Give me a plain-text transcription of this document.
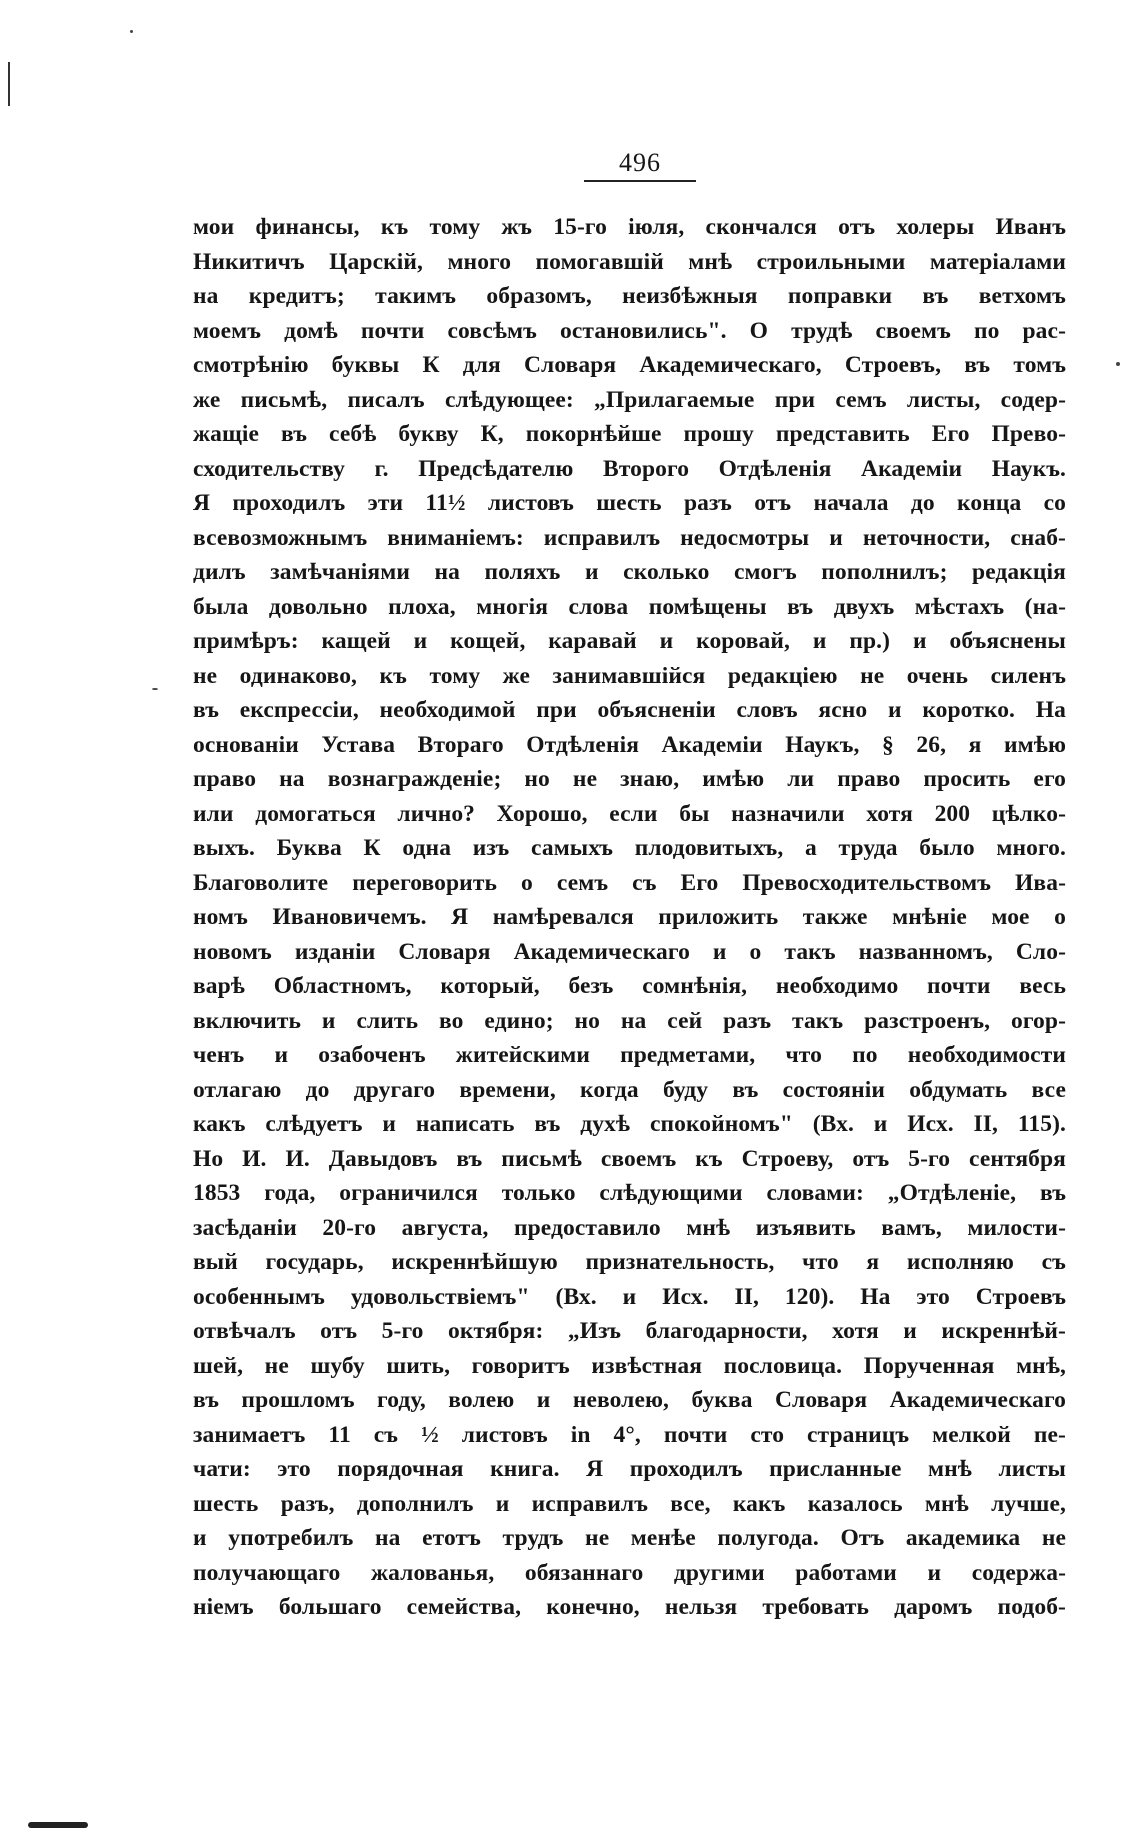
496
мои финансы, къ тому жъ 15-го іюля, скончался отъ холеры Иванъ
Никитичъ Царскій, много помогавшій мнѣ строильными матеріалами
на кредитъ; такимъ образомъ, неизбѣжныя поправки въ ветхомъ
моемъ домѣ почти совсѣмъ остановились". О трудѣ своемъ по рас-
смотрѣнію буквы К для Словаря Академическаго, Строевъ, въ томъ
же письмѣ, писалъ слѣдующее: „Прилагаемые при семъ листы, содер-
жащіе въ себѣ букву К, покорнѣйше прошу представить Его Прево-
сходительству г. Предсѣдателю Второго Отдѣленія Академіи Наукъ.
Я проходилъ эти 11½ листовъ шесть разъ отъ начала до конца со
всевозможнымъ вниманіемъ: исправилъ недосмотры и неточности, снаб-
дилъ замѣчаніями на поляхъ и сколько смогъ пополнилъ; редакція
была довольно плоха, многія слова помѣщены въ двухъ мѣстахъ (на-
примѣръ: кащей и кощей, каравай и коровай, и пр.) и объяснены
не одинаково, къ тому же занимавшійся редакціею не очень силенъ
въ експрессіи, необходимой при объясненіи словъ ясно и коротко. На
основаніи Устава Втораго Отдѣленія Академіи Наукъ, § 26, я имѣю
право на вознагражденіе; но не знаю, имѣю ли право просить его
или домогаться лично? Хорошо, если бы назначили хотя 200 цѣлко-
выхъ. Буква К одна изъ самыхъ плодовитыхъ, а труда было много.
Благоволите переговорить о семъ съ Его Превосходительствомъ Ива-
номъ Ивановичемъ. Я намѣревался приложить также мнѣніе мое о
новомъ изданіи Словаря Академическаго и о такъ названномъ, Сло-
варѣ Областномъ, который, безъ сомнѣнія, необходимо почти весь
включить и слить во едино; но на сей разъ такъ разстроенъ, огор-
ченъ и озабоченъ житейскими предметами, что по необходимости
отлагаю до другаго времени, когда буду въ состояніи обдумать все
какъ слѣдуетъ и написать въ духѣ спокойномъ" (Вх. и Исх. II, 115).
Но И. И. Давыдовъ въ письмѣ своемъ къ Строеву, отъ 5-го сентября
1853 года, ограничился только слѣдующими словами: „Отдѣленіе, въ
засѣданіи 20-го августа, предоставило мнѣ изъявить вамъ, милости-
вый государь, искреннѣйшую признательность, что я исполняю съ
особеннымъ удовольствіемъ" (Вх. и Исх. II, 120). На это Строевъ
отвѣчалъ отъ 5-го октября: „Изъ благодарности, хотя и искреннѣй-
шей, не шубу шить, говоритъ извѣстная пословица. Порученная мнѣ,
въ прошломъ году, волею и неволею, буква Словаря Академическаго
занимаетъ 11 съ ½ листовъ in 4°, почти сто страницъ мелкой пе-
чати: это порядочная книга. Я проходилъ присланные мнѣ листы
шесть разъ, дополнилъ и исправилъ все, какъ казалось мнѣ лучше,
и употребилъ на етотъ трудъ не менѣе полугода. Отъ академика не
получающаго жалованья, обязаннаго другими работами и содержа-
ніемъ большаго семейства, конечно, нельзя требовать даромъ подоб-
